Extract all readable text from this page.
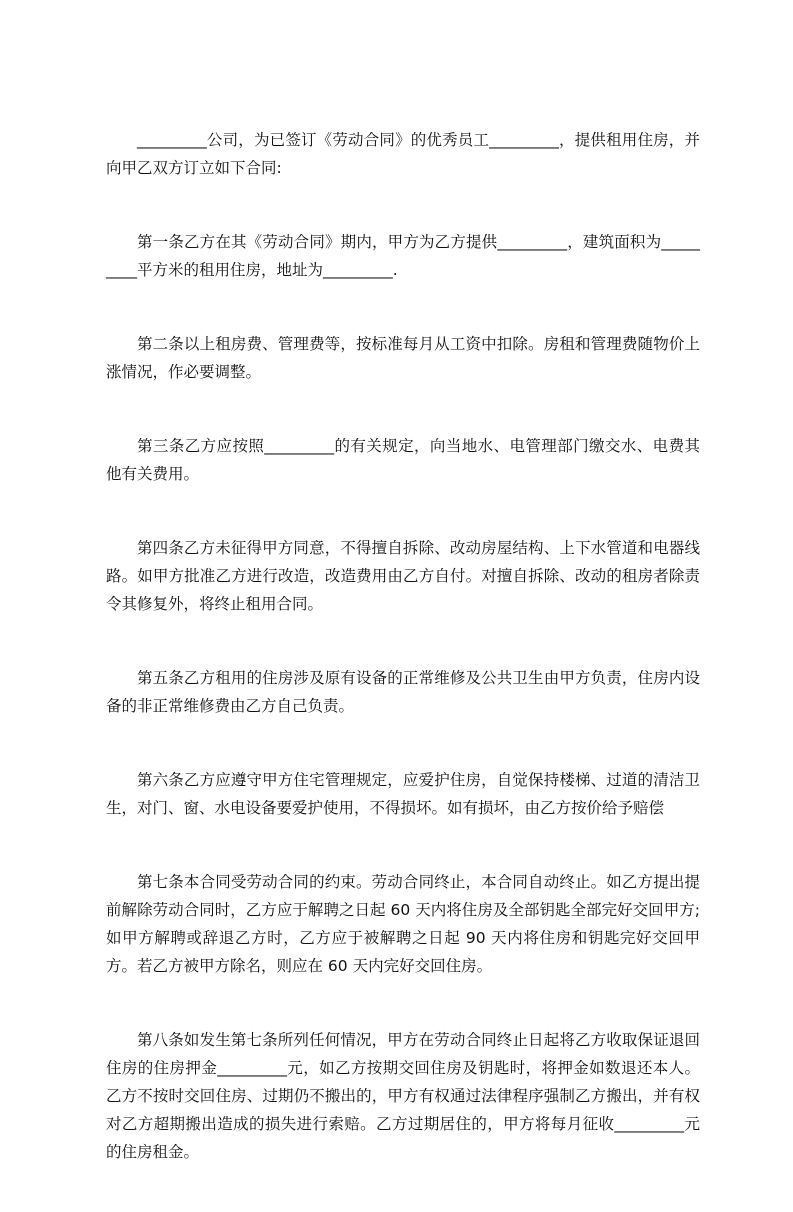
_________公司，为已签订《劳动合同》的优秀员工_________，提供租用住房，并向甲乙双方订立如下合同:

第一条乙方在其《劳动合同》期内，甲方为乙方提供_________，建筑面积为_________平方米的租用住房，地址为_________.

第二条以上租房费、管理费等，按标准每月从工资中扣除。房租和管理费随物价上涨情况，作必要调整。

第三条乙方应按照_________的有关规定，向当地水、电管理部门缴交水、电费其他有关费用。

第四条乙方未征得甲方同意，不得擅自拆除、改动房屋结构、上下水管道和电器线路。如甲方批准乙方进行改造，改造费用由乙方自付。对擅自拆除、改动的租房者除责令其修复外，将终止租用合同。

第五条乙方租用的住房涉及原有设备的正常维修及公共卫生由甲方负责，住房内设备的非正常维修费由乙方自己负责。

第六条乙方应遵守甲方住宅管理规定，应爱护住房，自觉保持楼梯、过道的清洁卫生，对门、窗、水电设备要爱护使用，不得损坏。如有损坏，由乙方按价给予赔偿

第七条本合同受劳动合同的约束。劳动合同终止，本合同自动终止。如乙方提出提前解除劳动合同时，乙方应于解聘之日起 60 天内将住房及全部钥匙全部完好交回甲方;如甲方解聘或辞退乙方时，乙方应于被解聘之日起 90 天内将住房和钥匙完好交回甲方。若乙方被甲方除名，则应在 60 天内完好交回住房。

第八条如发生第七条所列任何情况，甲方在劳动合同终止日起将乙方收取保证退回住房的住房押金_________元，如乙方按期交回住房及钥匙时，将押金如数退还本人。乙方不按时交回住房、过期仍不搬出的，甲方有权通过法律程序强制乙方搬出，并有权对乙方超期搬出造成的损失进行索赔。乙方过期居住的，甲方将每月征收_________元的住房租金。
